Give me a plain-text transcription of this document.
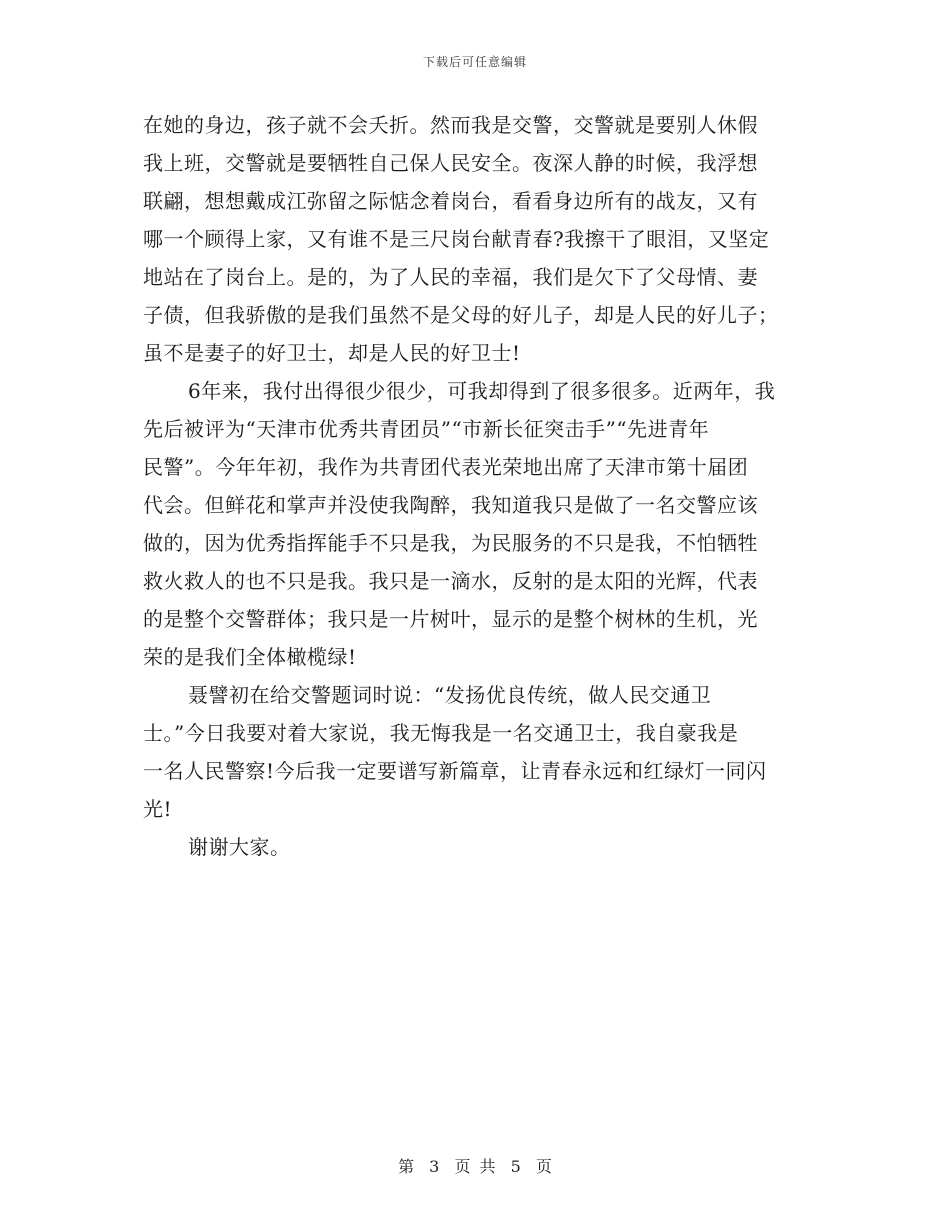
下载后可任意编辑

在她的身边，孩子就不会夭折。然而我是交警，交警就是要别人休假
我上班，交警就是要牺牲自己保人民安全。夜深人静的时候，我浮想
联翩，想想戴成江弥留之际惦念着岗台，看看身边所有的战友，又有
哪一个顾得上家，又有谁不是三尺岗台献青春?我擦干了眼泪，又坚定
地站在了岗台上。是的，为了人民的幸福，我们是欠下了父母情、妻
子债，但我骄傲的是我们虽然不是父母的好儿子，却是人民的好儿子；
虽不是妻子的好卫士，却是人民的好卫士!

6年来，我付出得很少很少，可我却得到了很多很多。近两年，我
先后被评为“天津市优秀共青团员”“市新长征突击手”“先进青年
民警”。今年年初，我作为共青团代表光荣地出席了天津市第十届团
代会。但鲜花和掌声并没使我陶醉，我知道我只是做了一名交警应该
做的，因为优秀指挥能手不只是我，为民服务的不只是我，不怕牺牲
救火救人的也不只是我。我只是一滴水，反射的是太阳的光辉，代表
的是整个交警群体；我只是一片树叶，显示的是整个树林的生机，光
荣的是我们全体橄榄绿!

聂譬初在给交警题词时说：“发扬优良传统，做人民交通卫
士。”今日我要对着大家说，我无悔我是一名交通卫士，我自豪我是
一名人民警察!今后我一定要谱写新篇章，让青春永远和红绿灯一同闪
光!

谢谢大家。

第 3 页 共 5 页
